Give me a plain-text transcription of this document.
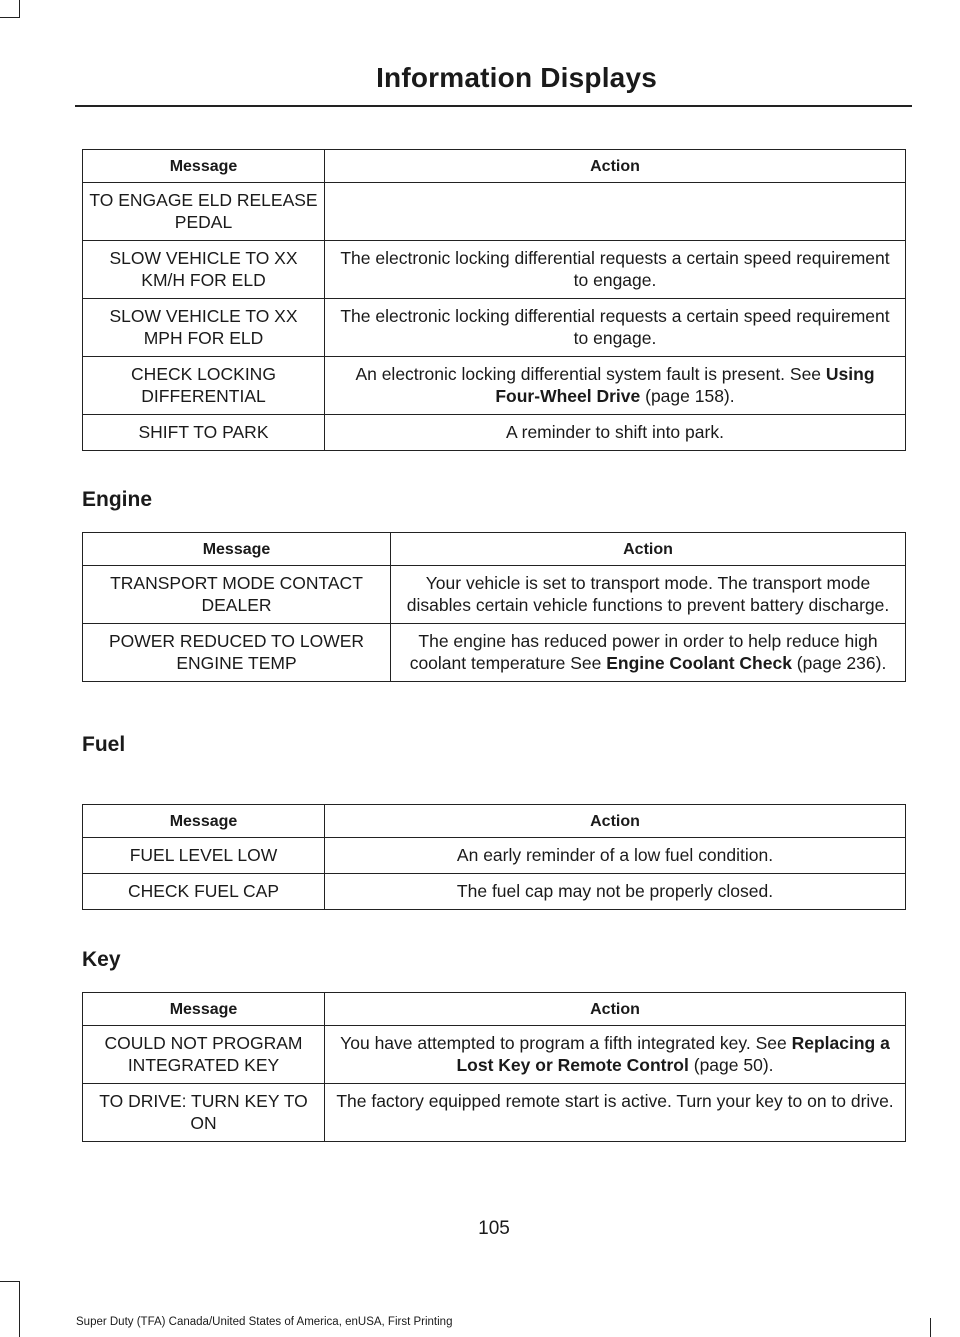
Information Displays
Message	Action
TO ENGAGE ELD RELEASE PEDAL	
SLOW VEHICLE TO XX KM/H FOR ELD	The electronic locking differential requests a certain speed requirement to engage.
SLOW VEHICLE TO XX MPH FOR ELD	The electronic locking differential requests a certain speed requirement to engage.
CHECK LOCKING DIFFERENTIAL	An electronic locking differential system fault is present. See Using Four-Wheel Drive (page 158).
SHIFT TO PARK	A reminder to shift into park.
Engine
Message	Action
TRANSPORT MODE CONTACT DEALER	Your vehicle is set to transport mode. The transport mode disables certain vehicle functions to prevent battery discharge.
POWER REDUCED TO LOWER ENGINE TEMP	The engine has reduced power in order to help reduce high coolant temperature See Engine Coolant Check (page 236).
Fuel
Message	Action
FUEL LEVEL LOW	An early reminder of a low fuel condition.
CHECK FUEL CAP	The fuel cap may not be properly closed.
Key
Message	Action
COULD NOT PROGRAM INTEGRATED KEY	You have attempted to program a fifth integrated key. See Replacing a Lost Key or Remote Control (page 50).
TO DRIVE: TURN KEY TO ON	The factory equipped remote start is active. Turn your key to on to drive.
105
Super Duty (TFA) Canada/United States of America, enUSA, First Printing
